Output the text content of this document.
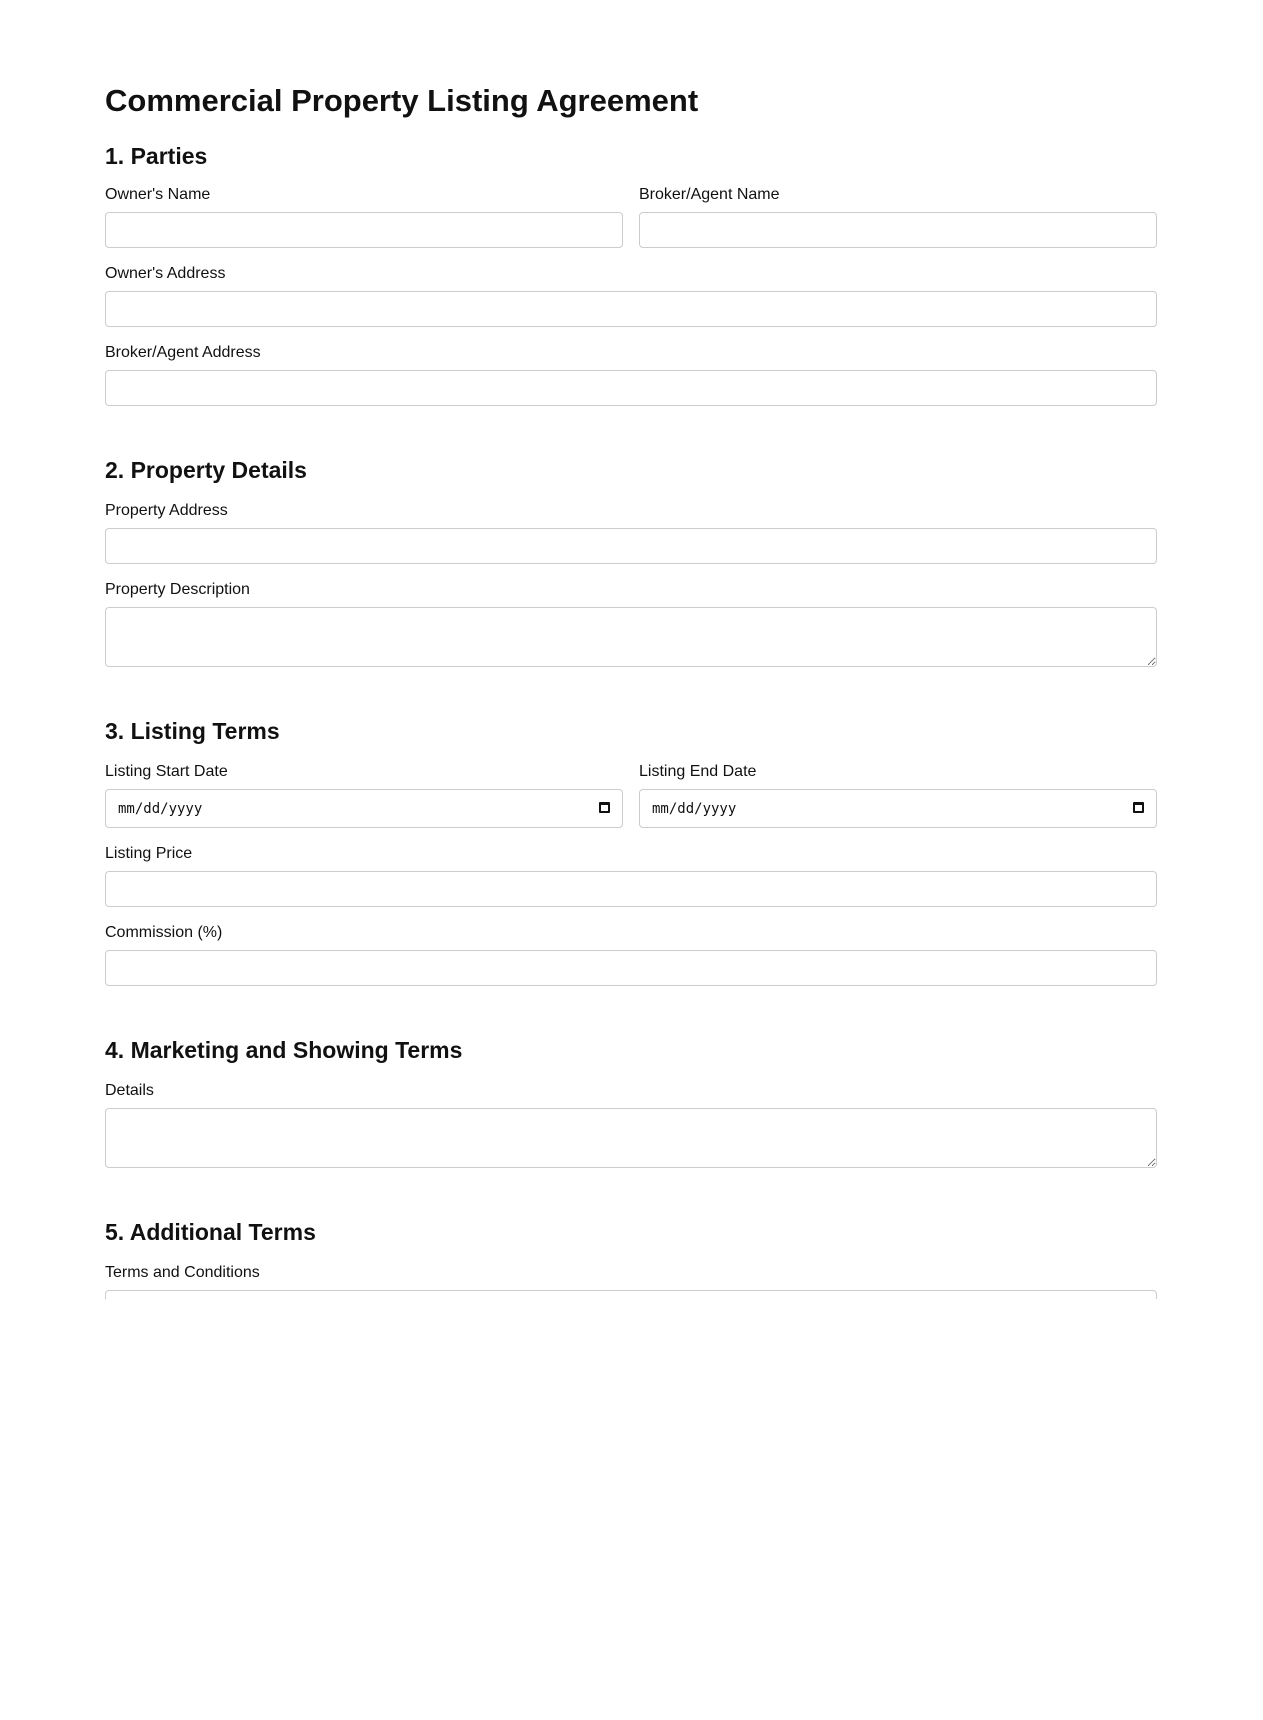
Commercial Property Listing Agreement
1. Parties
Owner's Name	Broker/Agent Name
Owner's Address
Broker/Agent Address
2. Property Details
Property Address
Property Description
3. Listing Terms
Listing Start Date
mm/dd/yyyy
Listing End Date
mm/dd/yyyy
Listing Price
Commission (%)
4. Marketing and Showing Terms
Details
5. Additional Terms
Terms and Conditions
